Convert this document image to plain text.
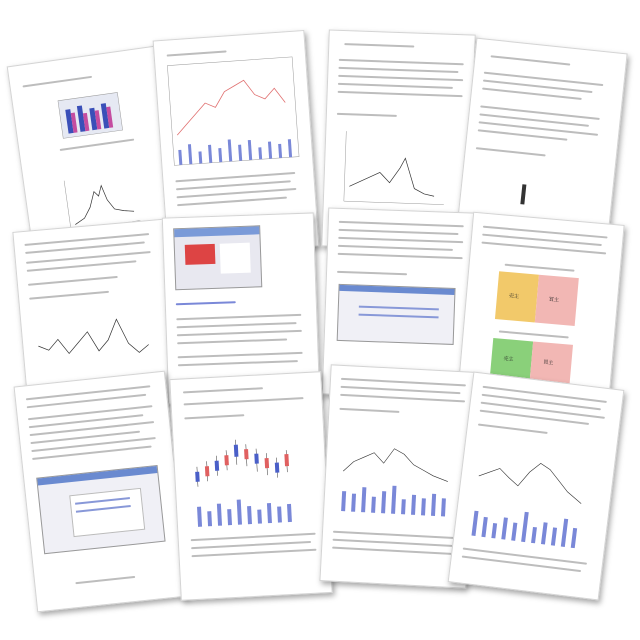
売主
買主
売主
買主
